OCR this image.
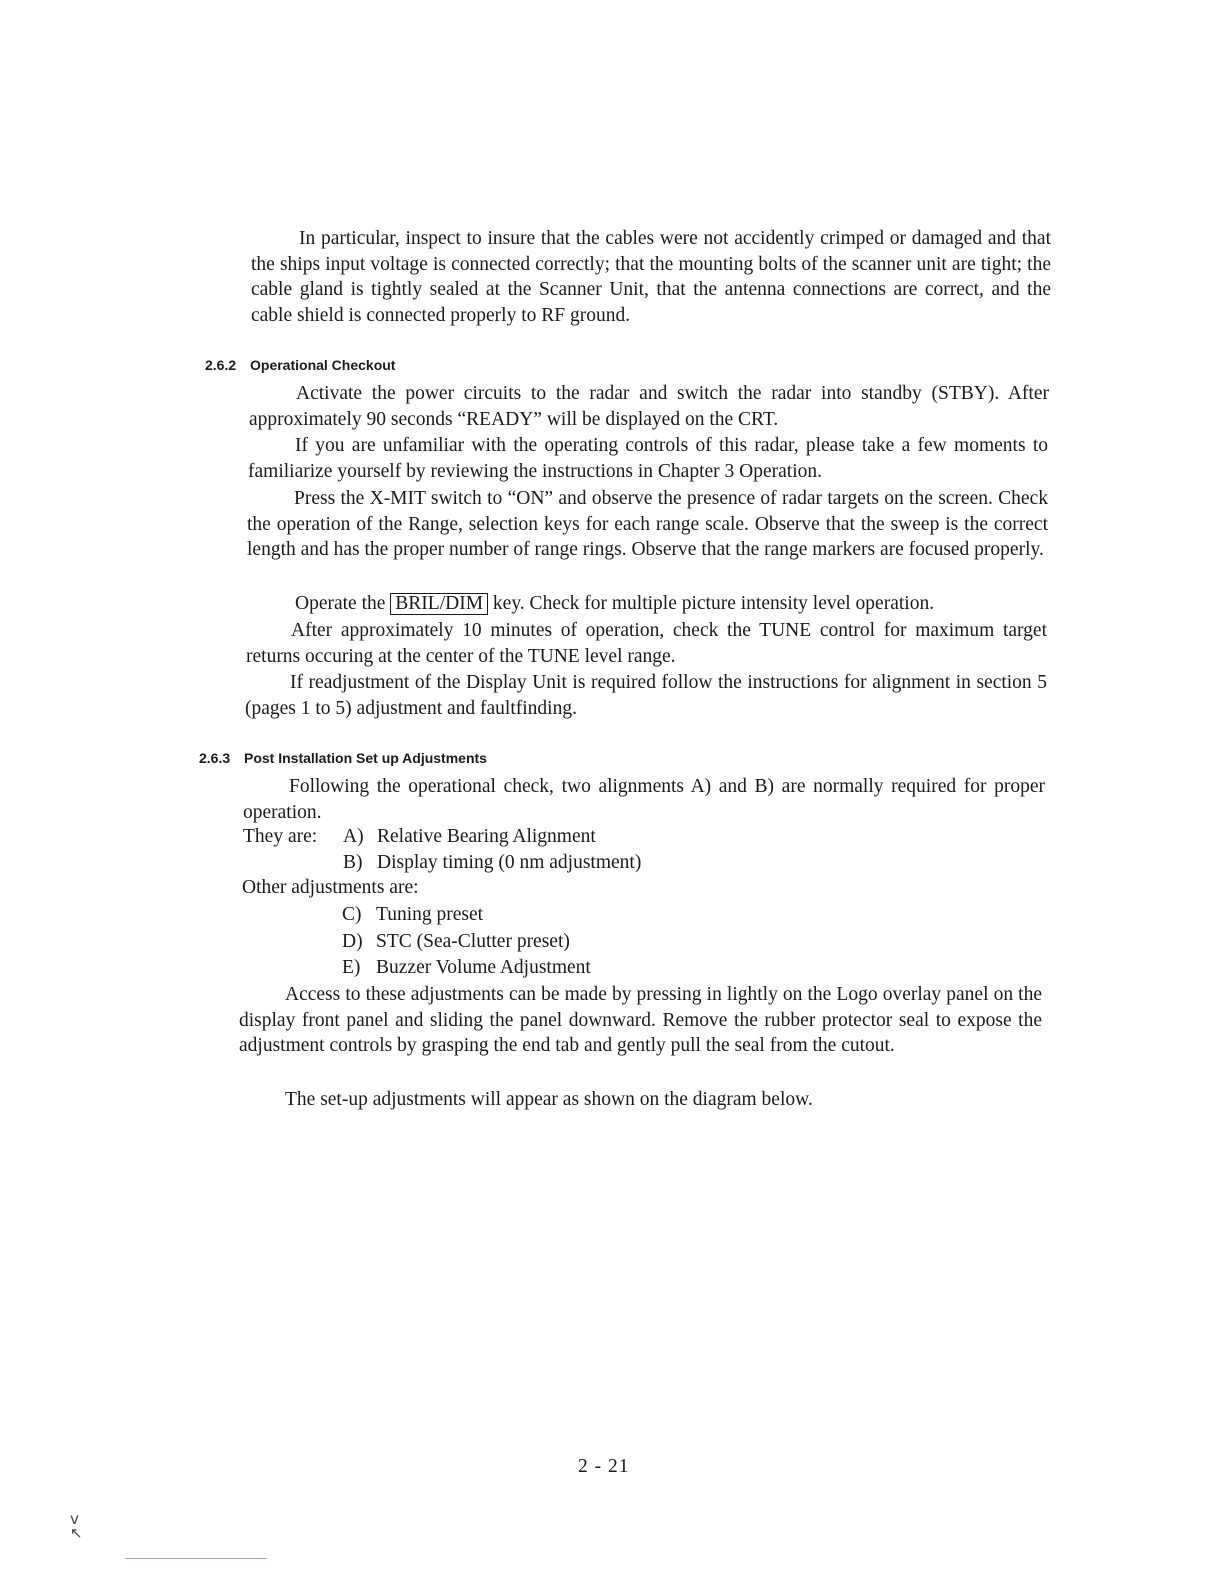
In particular, inspect to insure that the cables were not accidently crimped or damaged and that the ships input voltage is connected correctly; that the mounting bolts of the scanner unit are tight; the cable gland is tightly sealed at the Scanner Unit, that the antenna connections are correct, and the cable shield is connected properly to RF ground.

2.6.2 Operational Checkout

Activate the power circuits to the radar and switch the radar into standby (STBY). After approximately 90 seconds “READY” will be displayed on the CRT.

If you are unfamiliar with the operating controls of this radar, please take a few moments to familiarize yourself by reviewing the instructions in Chapter 3 Operation.

Press the X-MIT switch to “ON” and observe the presence of radar targets on the screen. Check the operation of the Range, selection keys for each range scale. Observe that the sweep is the correct length and has the proper number of range rings. Observe that the range markers are focused properly.

Operate the BRIL/DIM key. Check for multiple picture intensity level operation.

After approximately 10 minutes of operation, check the TUNE control for maximum target returns occuring at the center of the TUNE level range.

If readjustment of the Display Unit is required follow the instructions for alignment in section 5 (pages 1 to 5) adjustment and faultfinding.

2.6.3 Post Installation Set up Adjustments

Following the operational check, two alignments A) and B) are normally required for proper operation.

They are: A) Relative Bearing Alignment

B) Display timing (0 nm adjustment)

Other adjustments are:

C) Tuning preset

D) STC (Sea-Clutter preset)

E) Buzzer Volume Adjustment

Access to these adjustments can be made by pressing in lightly on the Logo overlay panel on the display front panel and sliding the panel downward. Remove the rubber protector seal to expose the adjustment controls by grasping the end tab and gently pull the seal from the cutout.

The set-up adjustments will appear as shown on the diagram below.

2 - 21
v
↖
